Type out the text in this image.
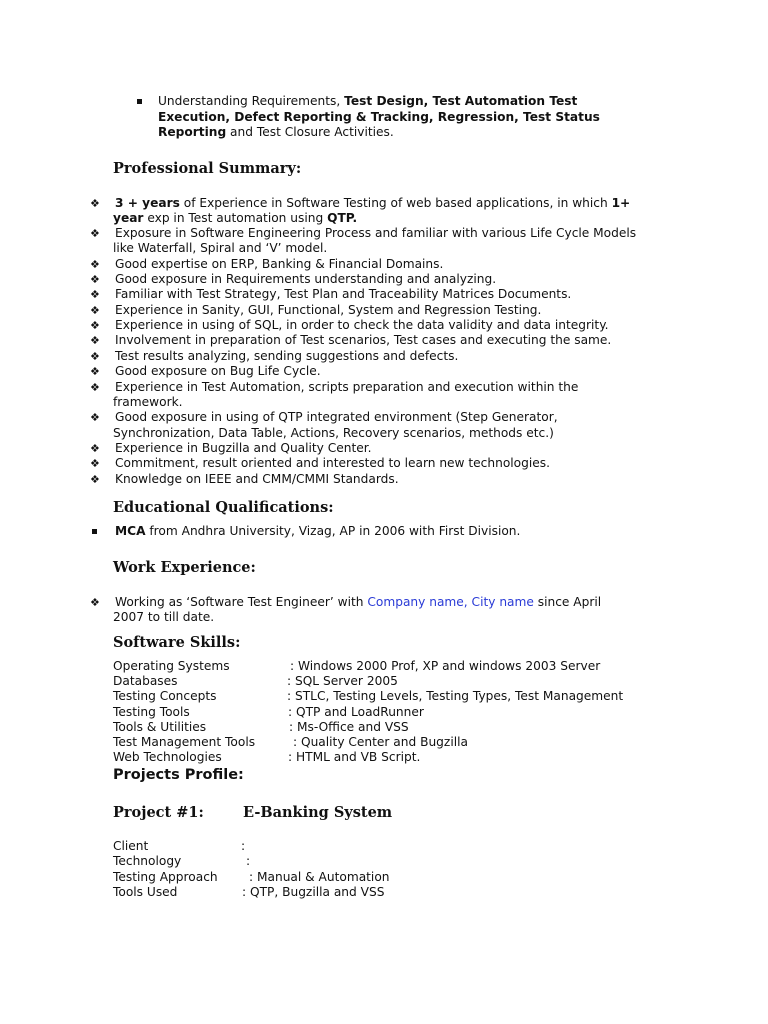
Understanding Requirements, Test Design, Test Automation Test
Execution, Defect Reporting & Tracking, Regression, Test Status
Reporting and Test Closure Activities.
Professional Summary:
❖ 3 + years of Experience in Software Testing of web based applications, in which 1+
year exp in Test automation using QTP.
❖ Exposure in Software Engineering Process and familiar with various Life Cycle Models
like Waterfall, Spiral and ‘V’ model.
❖ Good expertise on ERP, Banking & Financial Domains.
❖ Good exposure in Requirements understanding and analyzing.
❖ Familiar with Test Strategy, Test Plan and Traceability Matrices Documents.
❖ Experience in Sanity, GUI, Functional, System and Regression Testing.
❖ Experience in using of SQL, in order to check the data validity and data integrity.
❖ Involvement in preparation of Test scenarios, Test cases and executing the same.
❖ Test results analyzing, sending suggestions and defects.
❖ Good exposure on Bug Life Cycle.
❖ Experience in Test Automation, scripts preparation and execution within the
framework.
❖ Good exposure in using of QTP integrated environment (Step Generator,
Synchronization, Data Table, Actions, Recovery scenarios, methods etc.)
❖ Experience in Bugzilla and Quality Center.
❖ Commitment, result oriented and interested to learn new technologies.
❖ Knowledge on IEEE and CMM/CMMI Standards.
Educational Qualifications:
MCA from Andhra University, Vizag, AP in 2006 with First Division.
Work Experience:
❖ Working as ‘Software Test Engineer’ with Company name, City name since April
2007 to till date.
Software Skills:
Operating Systems	: Windows 2000 Prof, XP and windows 2003 Server
Databases	: SQL Server 2005
Testing Concepts	: STLC, Testing Levels, Testing Types, Test Management
Testing Tools	: QTP and LoadRunner
Tools & Utilities	: Ms-Office and VSS
Test Management Tools	: Quality Center and Bugzilla
Web Technologies	: HTML and VB Script.
Projects Profile:
Project #1:	E-Banking System
Client	:
Technology	:
Testing Approach	: Manual & Automation
Tools Used	: QTP, Bugzilla and VSS
